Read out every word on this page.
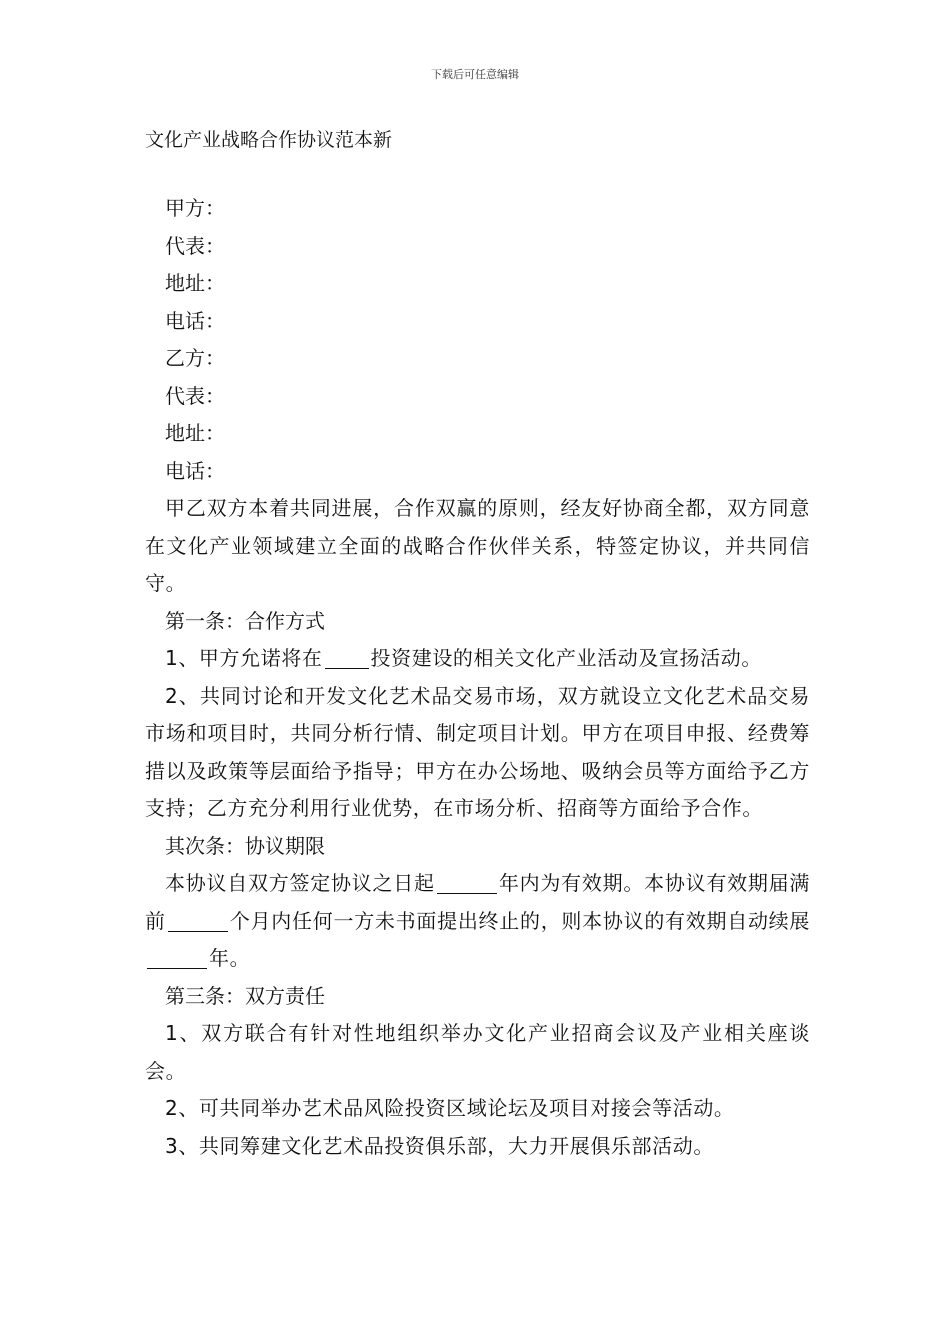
下载后可任意编辑
文化产业战略合作协议范本新
甲方：
代表：
地址：
电话：
乙方：
代表：
地址：
电话：
甲乙双方本着共同进展，合作双赢的原则，经友好协商全都，双方同意在文化产业领域建立全面的战略合作伙伴关系，特签定协议，并共同信守。
第一条：合作方式
1、甲方允诺将在 投资建设的相关文化产业活动及宣扬活动。
2、共同讨论和开发文化艺术品交易市场，双方就设立文化艺术品交易市场和项目时，共同分析行情、制定项目计划。甲方在项目申报、经费筹措以及政策等层面给予指导；甲方在办公场地、吸纳会员等方面给予乙方支持；乙方充分利用行业优势，在市场分析、招商等方面给予合作。
其次条：协议期限
本协议自双方签定协议之日起	年内为有效期。本协议有效期届满前	个月内任何一方未书面提出终止的，则本协议的有效期自动续展年。
第三条：双方责任
1、双方联合有针对性地组织举办文化产业招商会议及产业相关座谈会。
2、可共同举办艺术品风险投资区域论坛及项目对接会等活动。
3、共同筹建文化艺术品投资俱乐部，大力开展俱乐部活动。
